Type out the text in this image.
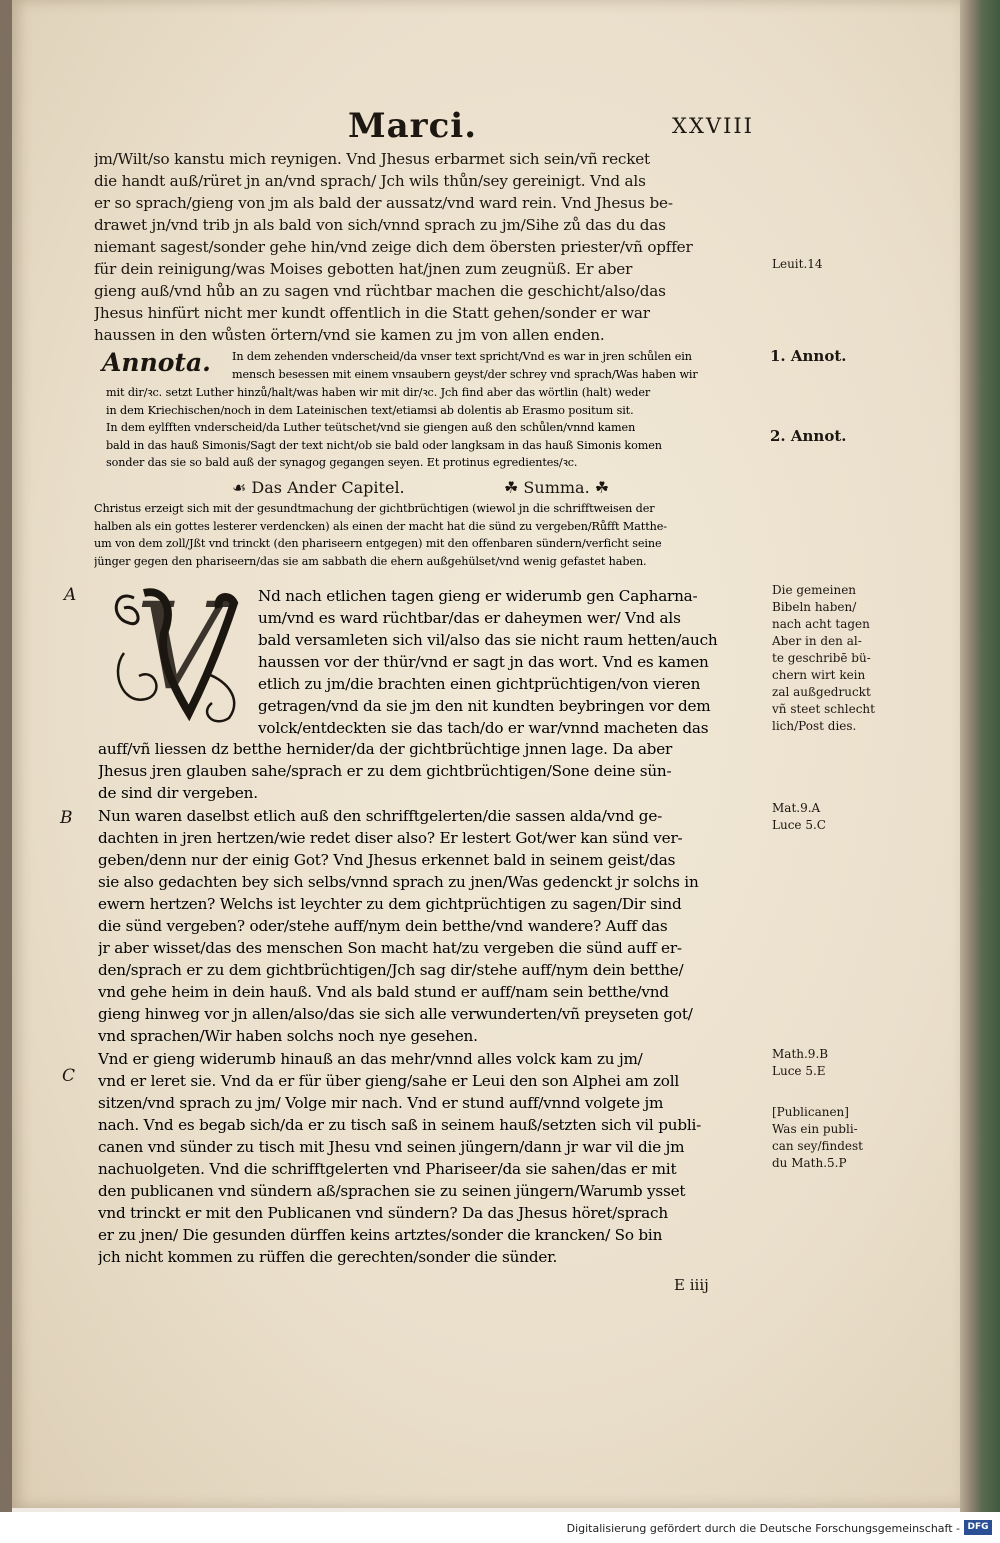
Marci.	XXVIII
jm/Wilt/so kanstu mich reynigen. Vnd Jhesus erbarmet sich sein/vñ recket
die handt auß/rüret jn an/vnd sprach/ Jch wils thůn/sey gereinigt. Vnd als
er so sprach/gieng von jm als bald der aussatz/vnd ward rein. Vnd Jhesus be-
drawet jn/vnd trib jn als bald von sich/vnnd sprach zu jm/Sihe zů das du das
niemant sagest/sonder gehe hin/vnd zeige dich dem öbersten priester/vñ opffer
für dein reinigung/was Moises gebotten hat/jnen zum zeugnüß. Er aber
gieng auß/vnd hůb an zu sagen vnd rüchtbar machen die geschicht/also/das
Jhesus hinfürt nicht mer kundt offentlich in die Statt gehen/sonder er war
haussen in den wůsten örtern/vnd sie kamen zu jm von allen enden.
Annota. In dem zehenden vnderscheid/da vnser text spricht/Vnd es war in jren schůlen ein
mensch besessen mit einem vnsaubern geyst/der schrey vnd sprach/Was haben wir
mit dir/ꝛc. setzt Luther hinzů/halt/was haben wir mit dir/ꝛc. Jch find aber das wörtlin (halt) weder
in dem Kriechischen/noch in dem Lateinischen text/etiamsi ab dolentis ab Erasmo positum sit.
In dem eylfften vnderscheid/da Luther teütschet/vnd sie giengen auß den schůlen/vnnd kamen
bald in das hauß Simonis/Sagt der text nicht/ob sie bald oder langksam in das hauß Simonis komen
sonder das sie so bald auß der synagog gegangen seyen. Et protinus egredientes/ꝛc.
☙ Das Ander Capitel.	☘ Summa. ☘
Christus erzeigt sich mit der gesundtmachung der gichtbrüchtigen (wiewol jn die schrifftweisen der
halben als ein gottes lesterer verdencken) als einen der macht hat die sünd zu vergeben/Růfft Matthe-
um von dem zoll/Jßt vnd trinckt (den phariseern entgegen) mit den offenbaren sündern/verficht seine
jünger gegen den phariseern/das sie am sabbath die ehern außgehülset/vnd wenig gefastet haben.
A V	Nd nach etlichen tagen gieng er widerumb gen Capharna-
um/vnd es ward rüchtbar/das er daheymen wer/ Vnd als
bald versamleten sich vil/also das sie nicht raum hetten/auch
haussen vor der thür/vnd er sagt jn das wort. Vnd es kamen
etlich zu jm/die brachten einen gichtprüchtigen/von vieren
getragen/vnd da sie jm den nit kundten beybringen vor dem
volck/entdeckten sie das tach/do er war/vnnd macheten das
auff/vñ liessen dz betthe hernider/da der gichtbrüchtige jnnen lage. Da aber
Jhesus jren glauben sahe/sprach er zu dem gichtbrüchtigen/Sone deine sün-
de sind dir vergeben.
B Nun waren daselbst etlich auß den schrifftgelerten/die sassen alda/vnd ge-
dachten in jren hertzen/wie redet diser also? Er lestert Got/wer kan sünd ver-
geben/denn nur der einig Got? Vnd Jhesus erkennet bald in seinem geist/das
sie also gedachten bey sich selbs/vnnd sprach zu jnen/Was gedenckt jr solchs in
ewern hertzen? Welchs ist leychter zu dem gichtprüchtigen zu sagen/Dir sind
die sünd vergeben? oder/stehe auff/nym dein betthe/vnd wandere? Auff das
jr aber wisset/das des menschen Son macht hat/zu vergeben die sünd auff er-
den/sprach er zu dem gichtbrüchtigen/Jch sag dir/stehe auff/nym dein betthe/
vnd gehe heim in dein hauß. Vnd als bald stund er auff/nam sein betthe/vnd
gieng hinweg vor jn allen/also/das sie sich alle verwunderten/vñ preyseten got/
vnd sprachen/Wir haben solchs noch nye gesehen.
C
Vnd er gieng widerumb hinauß an das mehr/vnnd alles volck kam zu jm/
vnd er leret sie. Vnd da er für über gieng/sahe er Leui den son Alphei am zoll
sitzen/vnd sprach zu jm/ Volge mir nach. Vnd er stund auff/vnnd volgete jm
nach. Vnd es begab sich/da er zu tisch saß in seinem hauß/setzten sich vil publi-
canen vnd sünder zu tisch mit Jhesu vnd seinen jüngern/dann jr war vil die jm
nachuolgeten. Vnd die schrifftgelerten vnd Phariseer/da sie sahen/das er mit
den publicanen vnd sündern aß/sprachen sie zu seinen jüngern/Warumb ysset
vnd trinckt er mit den Publicanen vnd sündern? Da das Jhesus höret/sprach
er zu jnen/ Die gesunden dürffen keins artztes/sonder die krancken/ So bin
jch nicht kommen zu rüffen die gerechten/sonder die sünder.
Leuit.14
1. Annot.
2. Annot.
Die gemeinen
Bibeln haben/
nach acht tagen
Aber in den al-
te geschribē bü-
chern wirt kein
zal außgedruckt
vñ steet schlecht
lich/Post dies.
Mat.9.A
Luce 5.C
Math.9.B
Luce 5.E
[Publicanen]
Was ein publi-
can sey/findest
du Math.5.P
E iiij
Digitalisierung gefördert durch die Deutsche Forschungsgemeinschaft - DFG
